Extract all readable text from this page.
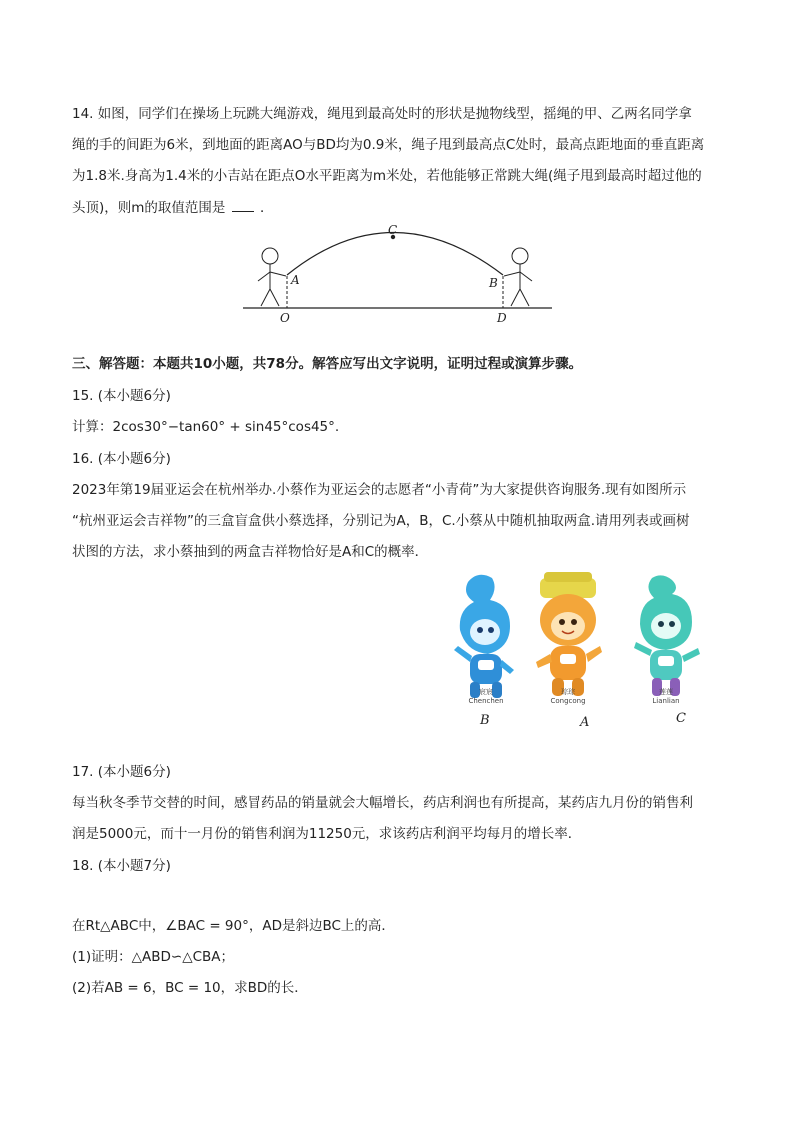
14. 如图，同学们在操场上玩跳大绳游戏，绳甩到最高处时的形状是抛物线型，摇绳的甲、乙两名同学拿
绳的手的间距为6米，到地面的距离AO与BD均为0.9米，绳子甩到最高点C处时，最高点距地面的垂直距离
为1.8米.身高为1.4米的小吉站在距点O水平距离为m米处，若他能够正常跳大绳(绳子甩到最高时超过他的
头顶)，则m的取值范围是	．
C
A	B
O	D
三、解答题：本题共10小题，共78分。解答应写出文字说明，证明过程或演算步骤。
15. (本小题6分)
计算：2cos30°−tan60° + sin45°cos45°.
16. (本小题6分)
2023年第19届亚运会在杭州举办.小蔡作为亚运会的志愿者“小青荷”为大家提供咨询服务.现有如图所示
“杭州亚运会吉祥物”的三盒盲盒供小蔡选择，分别记为A，B，C.小蔡从中随机抽取两盒.请用列表或画树
状图的方法，求小蔡抽到的两盒吉祥物恰好是A和C的概率．
宸宸
Chenchen
琮琮
Congcong
莲莲
Lianlian
B	A	C
17. (本小题6分)
每当秋冬季节交替的时间，感冒药品的销量就会大幅增长，药店利润也有所提高，某药店九月份的销售利
润是5000元，而十一月份的销售利润为11250元，求该药店利润平均每月的增长率．
18. (本小题7分)
在Rt△ABC中，∠BAC = 90°，AD是斜边BC上的高．
(1)证明：△ABD∽△CBA；
(2)若AB = 6，BC = 10，求BD的长．
